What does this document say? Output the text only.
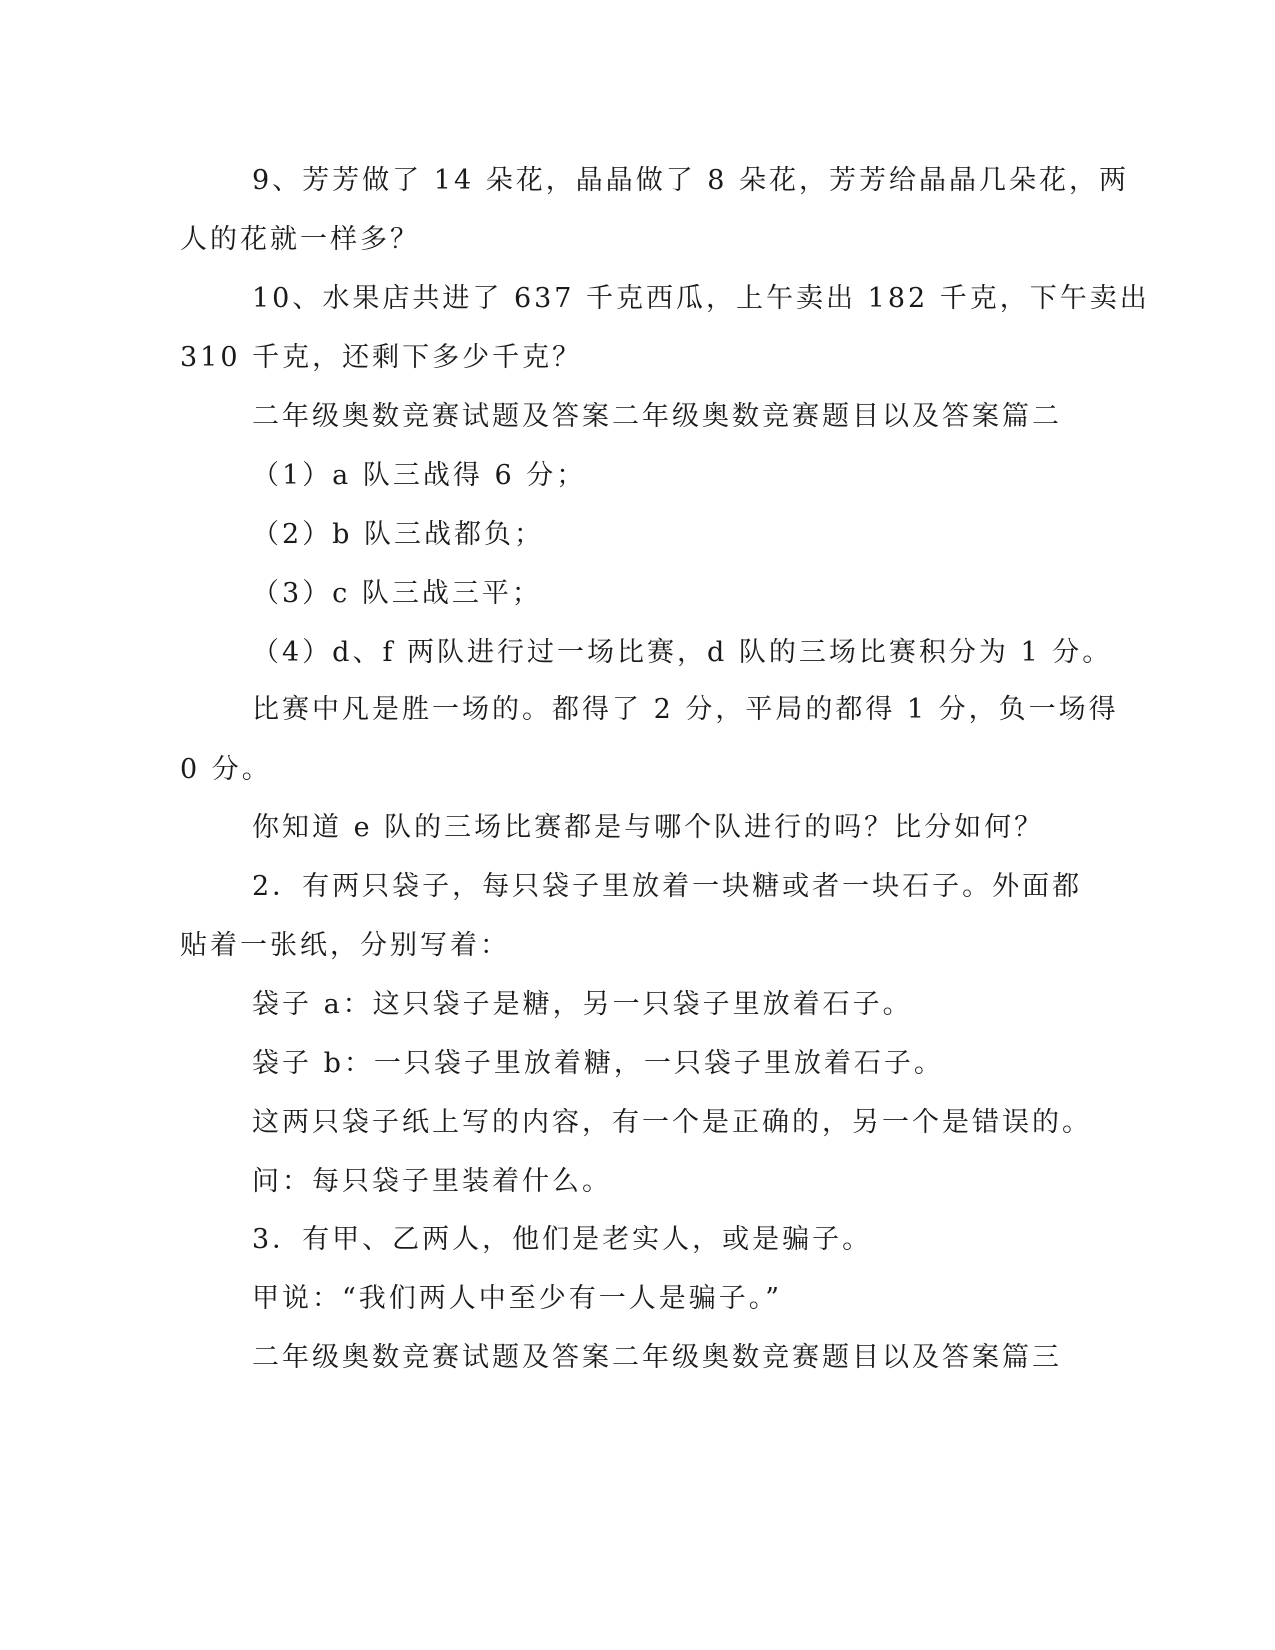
9、芳芳做了 14 朵花，晶晶做了 8 朵花，芳芳给晶晶几朵花，两
人的花就一样多？
10、水果店共进了 637 千克西瓜，上午卖出 182 千克，下午卖出
310 千克，还剩下多少千克？
二年级奥数竞赛试题及答案二年级奥数竞赛题目以及答案篇二
（1）a 队三战得 6 分；
（2）b 队三战都负；
（3）c 队三战三平；
（4）d、f 两队进行过一场比赛，d 队的三场比赛积分为 1 分。
比赛中凡是胜一场的。都得了 2 分，平局的都得 1 分，负一场得
0 分。
你知道 e 队的三场比赛都是与哪个队进行的吗？比分如何？
2．有两只袋子，每只袋子里放着一块糖或者一块石子。外面都
贴着一张纸，分别写着：
袋子 a：这只袋子是糖，另一只袋子里放着石子。
袋子 b：一只袋子里放着糖，一只袋子里放着石子。
这两只袋子纸上写的内容，有一个是正确的，另一个是错误的。
问：每只袋子里装着什么。
3．有甲、乙两人，他们是老实人，或是骗子。
甲说：“我们两人中至少有一人是骗子。”
二年级奥数竞赛试题及答案二年级奥数竞赛题目以及答案篇三
